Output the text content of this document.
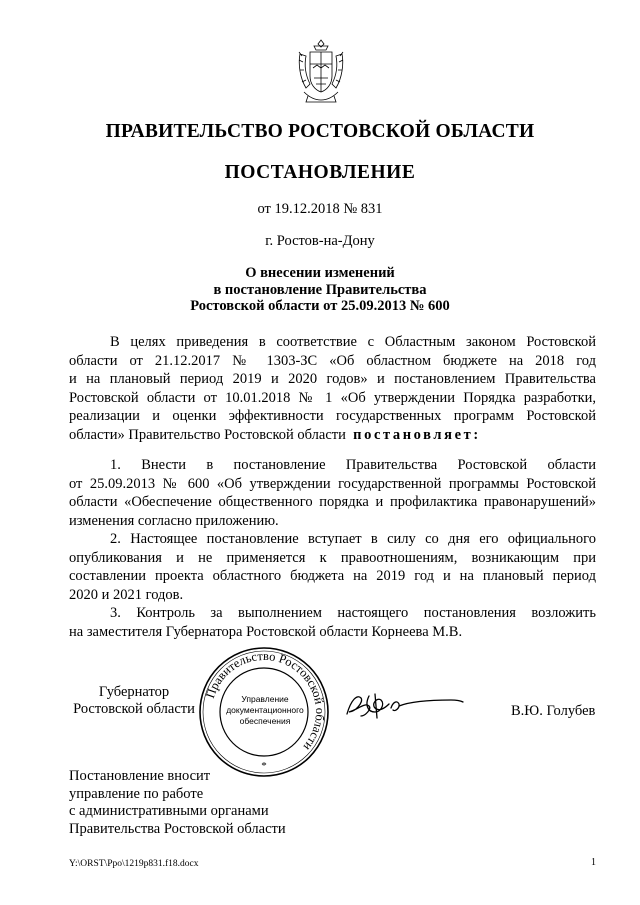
ПРАВИТЕЛЬСТВО РОСТОВСКОЙ ОБЛАСТИ
ПОСТАНОВЛЕНИЕ
от 19.12.2018 № 831
г. Ростов-на-Дону
О внесении изменений
в постановление Правительства
Ростовской области от 25.09.2013 № 600
В целях приведения в соответствие с Областным законом Ростовской
области от 21.12.2017 № 1303-ЗС «Об областном бюджете на 2018 год
и на плановый период 2019 и 2020 годов» и постановлением Правительства
Ростовской области от 10.01.2018 № 1 «Об утверждении Порядка разработки,
реализации и оценки эффективности государственных программ Ростовской
области» Правительство Ростовской области постановляет:
1. Внести в постановление Правительства Ростовской области
от 25.09.2013 № 600 «Об утверждении государственной программы Ростовской
области «Обеспечение общественного порядка и профилактика правонарушений»
изменения согласно приложению.
2. Настоящее постановление вступает в силу со дня его официального
опубликования и не применяется к правоотношениям, возникающим при
составлении проекта областного бюджета на 2019 год и на плановый период
2020 и 2021 годов.
3. Контроль за выполнением настоящего постановления возложить
на заместителя Губернатора Ростовской области Корнеева М.В.
Губернатор
Ростовской области
Правительство Ростовской области
*
Управление
документационного
обеспечения
В.Ю. Голубев
Постановление вносит
управление по работе
с административными органами
Правительства Ростовской области
Y:\ORST\Ppo\1219p831.f18.docx	1
